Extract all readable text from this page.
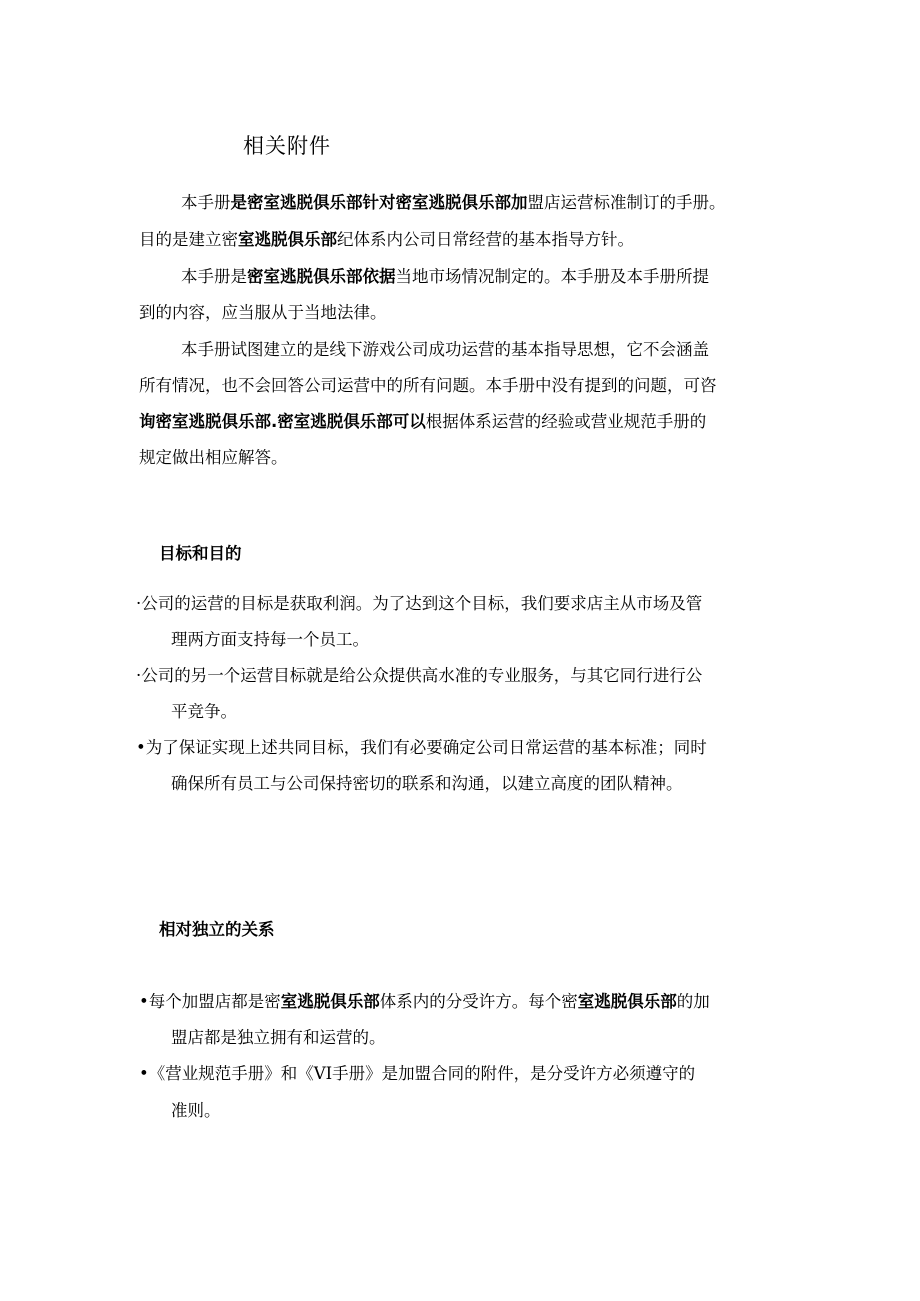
相关附件
本手册是密室逃脱俱乐部针对密室逃脱俱乐部加盟店运营标准制订的手册。
目的是建立密室逃脱俱乐部纪体系内公司日常经营的基本指导方针。
本手册是密室逃脱俱乐部依据当地市场情况制定的。本手册及本手册所提
到的内容，应当服从于当地法律。
本手册试图建立的是线下游戏公司成功运营的基本指导思想，它不会涵盖
所有情况，也不会回答公司运营中的所有问题。本手册中没有提到的问题，可咨
询密室逃脱俱乐部.密室逃脱俱乐部可以根据体系运营的经验或营业规范手册的
规定做出相应解答。
目标和目的
·公司的运营的目标是获取利润。为了达到这个目标，我们要求店主从市场及管
理两方面支持每一个员工。
·公司的另一个运营目标就是给公众提供高水准的专业服务，与其它同行进行公
平竞争。
•为了保证实现上述共同目标，我们有必要确定公司日常运营的基本标准；同时
确保所有员工与公司保持密切的联系和沟通，以建立高度的团队精神。
相对独立的关系
•每个加盟店都是密室逃脱俱乐部体系内的分受许方。每个密室逃脱俱乐部的加
盟店都是独立拥有和运营的。
•《营业规范手册》和《VI手册》是加盟合同的附件，是分受许方必须遵守的
准则。
